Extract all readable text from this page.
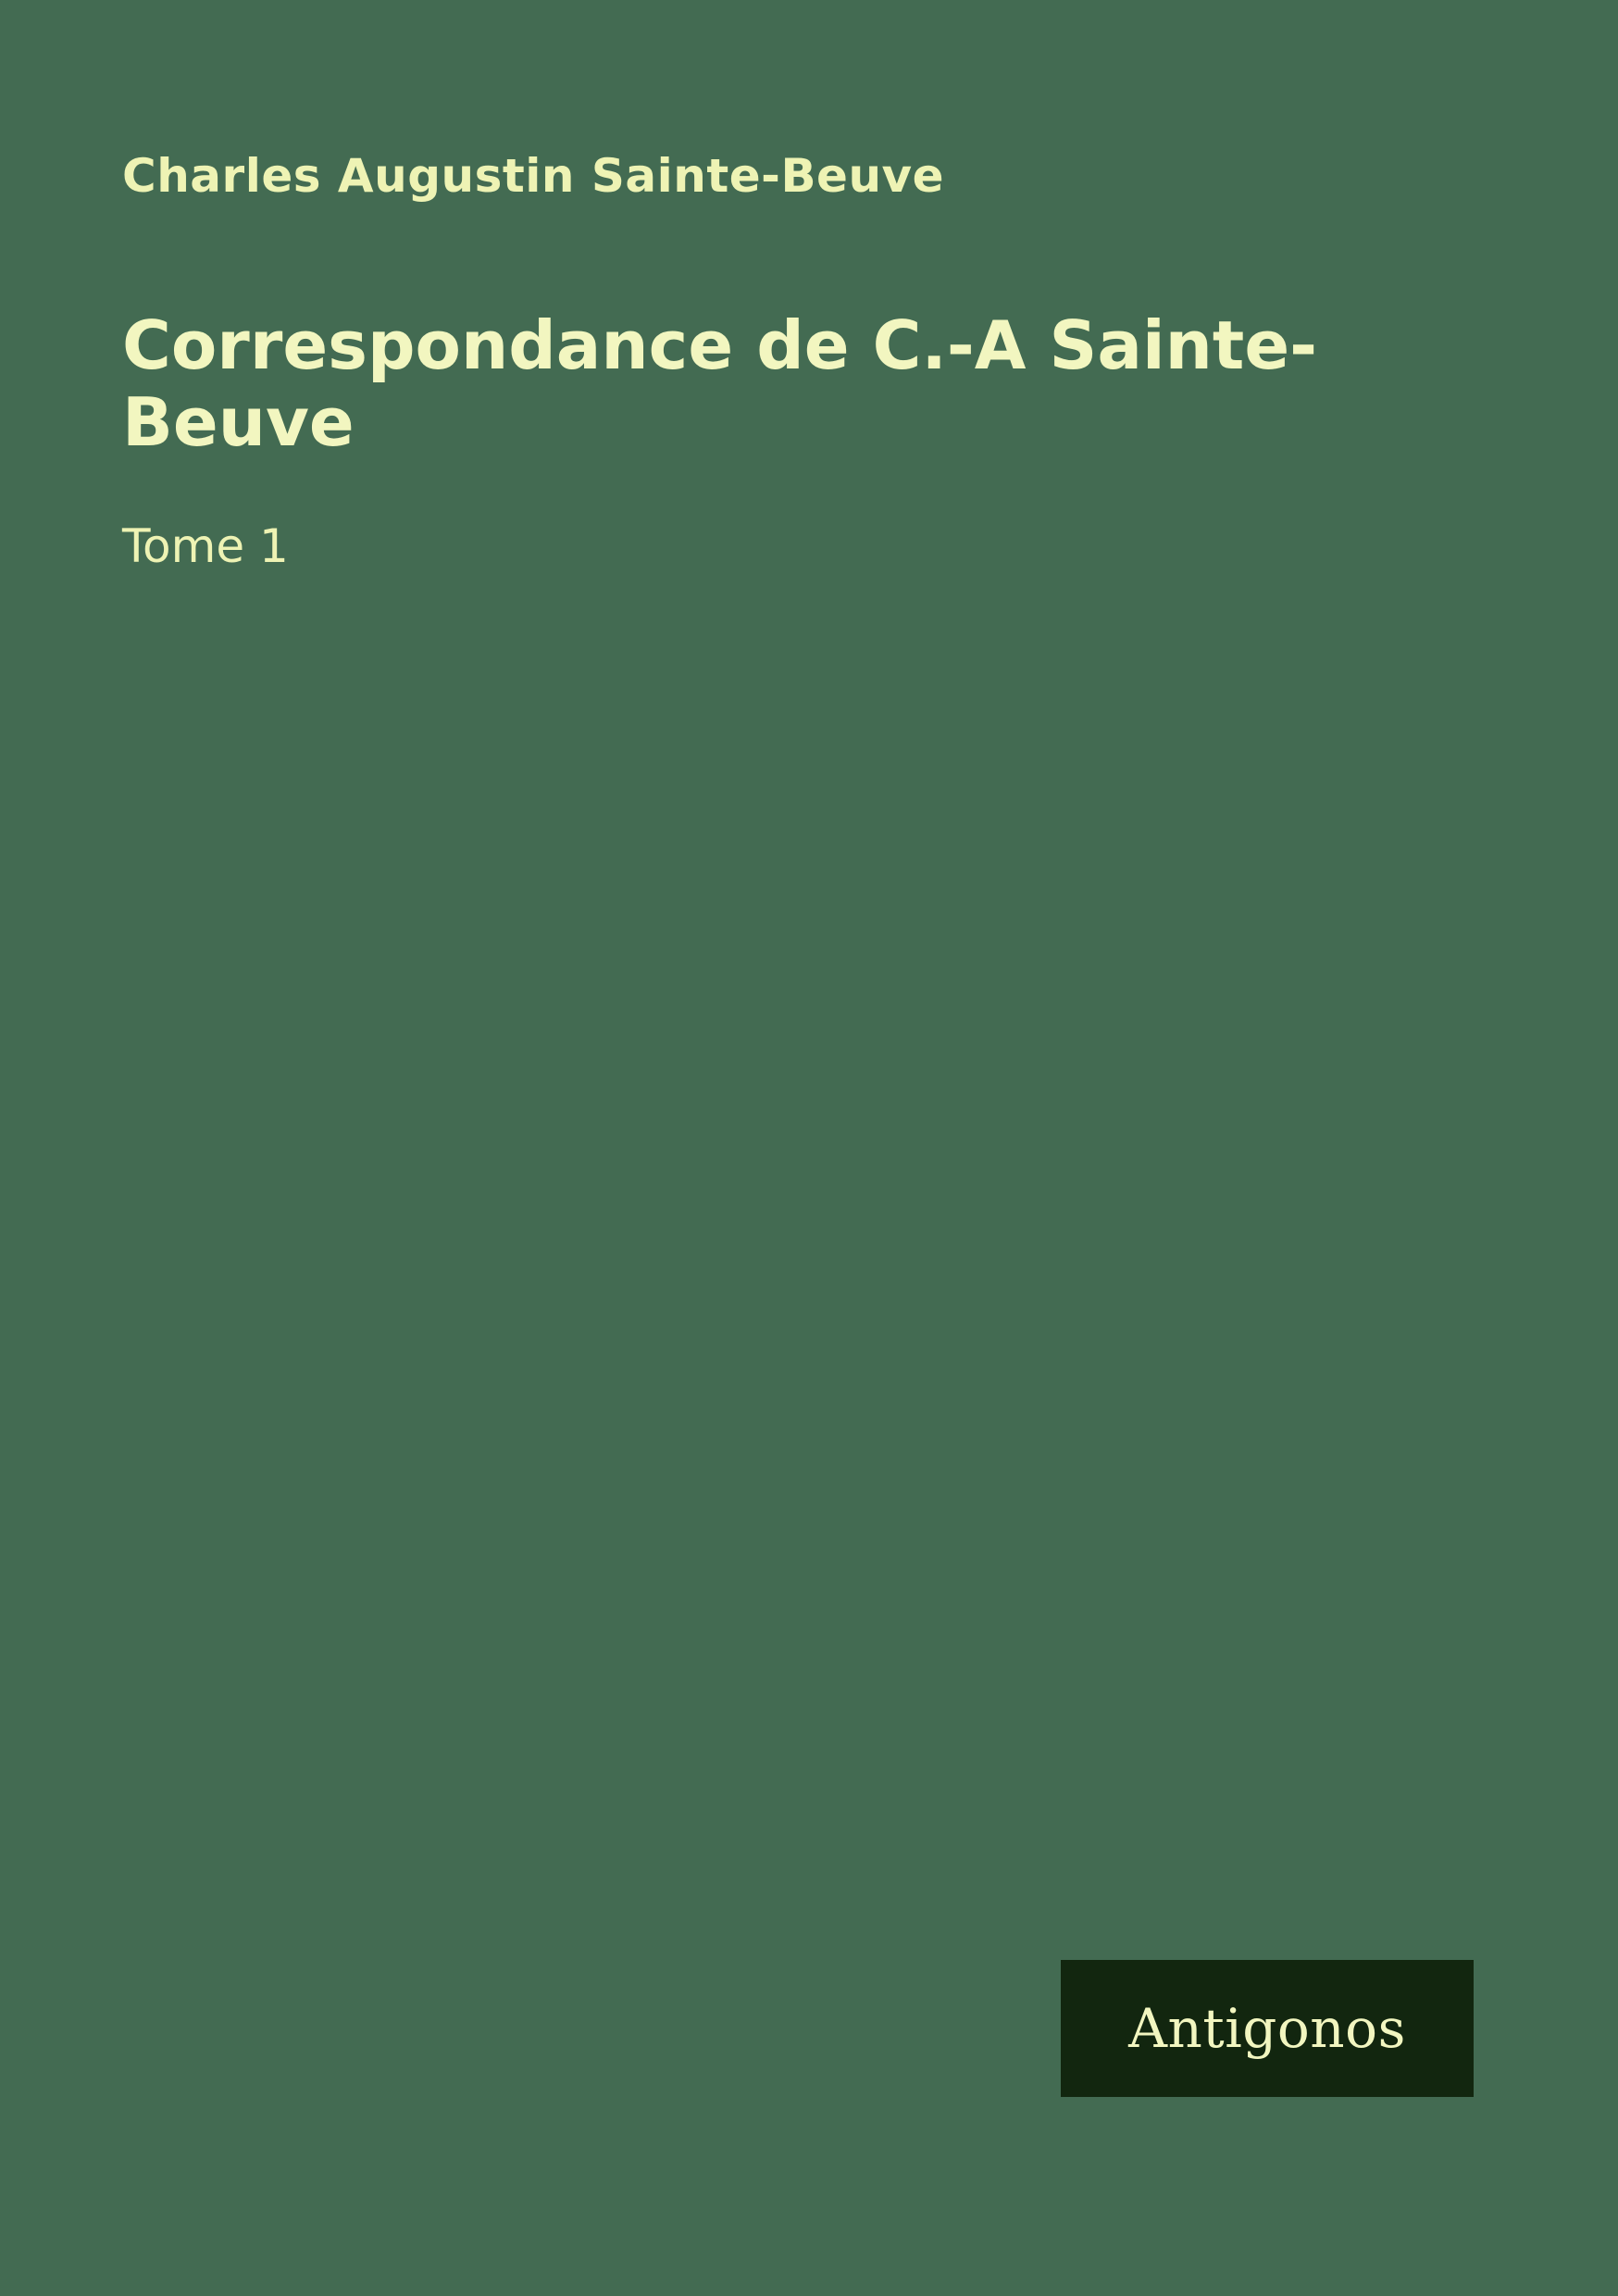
Charles Augustin Sainte-Beuve
Correspondance de C.-A Sainte-Beuve
Tome 1
Antigonos
